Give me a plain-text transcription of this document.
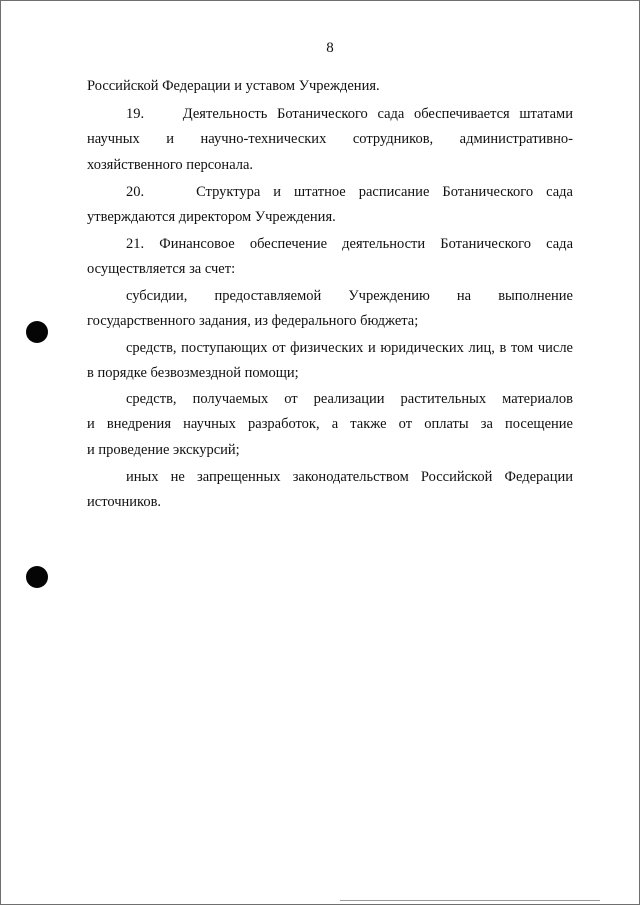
8
Российской Федерации и уставом Учреждения.
19.    Деятельность Ботанического сада обеспечивается штатами
научных и научно-технических сотрудников, административно-
хозяйственного персонала.
20.    Структура и штатное расписание Ботанического сада
утверждаются директором Учреждения.
21. Финансовое обеспечение деятельности Ботанического сада
осуществляется за счет:
субсидии, предоставляемой Учреждению на выполнение
государственного задания, из федерального бюджета;
средств, поступающих от физических и юридических лиц, в том числе
в порядке безвозмездной помощи;
средств, получаемых от реализации растительных материалов
и внедрения научных разработок, а также от оплаты за посещение
и проведение экскурсий;
иных не запрещенных законодательством Российской Федерации
источников.
